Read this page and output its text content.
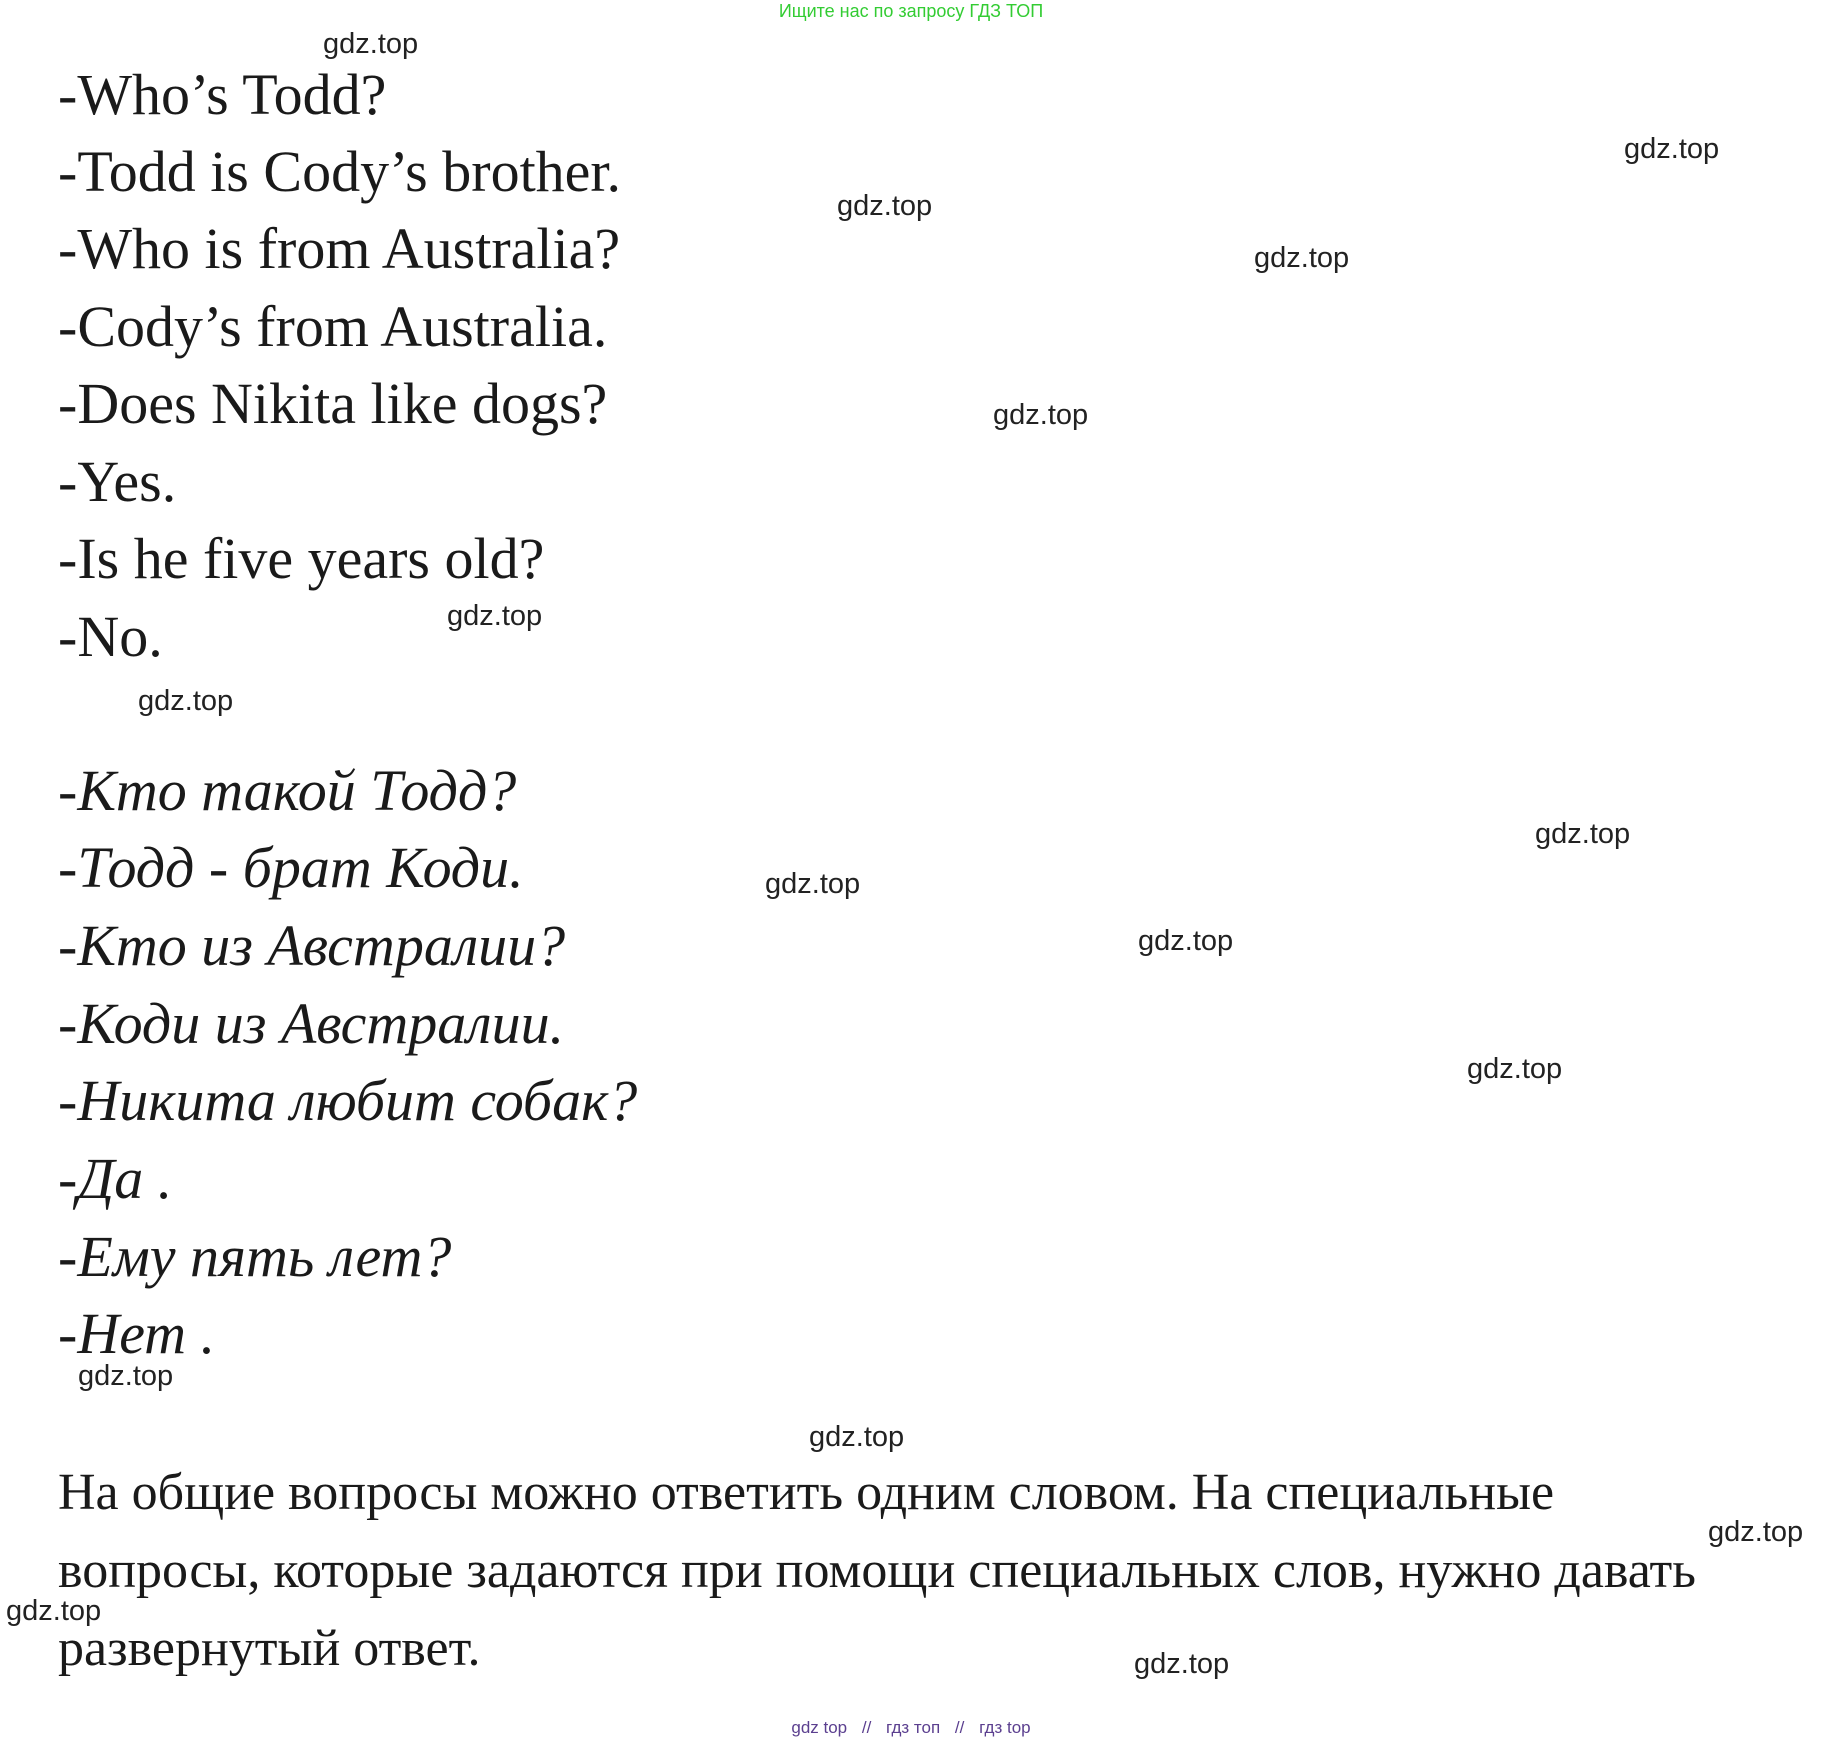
Ищите нас по запросу ГДЗ ТОП
-Who’s Todd?
-Todd is Cody’s brother.
-Who is from Australia?
-Cody’s from Australia.
-Does Nikita like dogs?
-Yes.
-Is he five years old?
-No.
-Кто такой Тодд?
-Тодд - брат Коди.
-Кто из Австралии?
-Коди из Австралии.
-Никита любит собак?
-Да .
-Ему пять лет?
-Нет .
На общие вопросы можно ответить одним словом. На специальные вопросы, которые задаются при помощи специальных слов, нужно давать развернутый ответ.
gdz.top
gdz.top
gdz.top
gdz.top
gdz.top
gdz.top
gdz.top
gdz.top
gdz.top
gdz.top
gdz.top
gdz.top
gdz.top
gdz.top
gdz.top
gdz.top
gdz top // гдз топ // гдз top
